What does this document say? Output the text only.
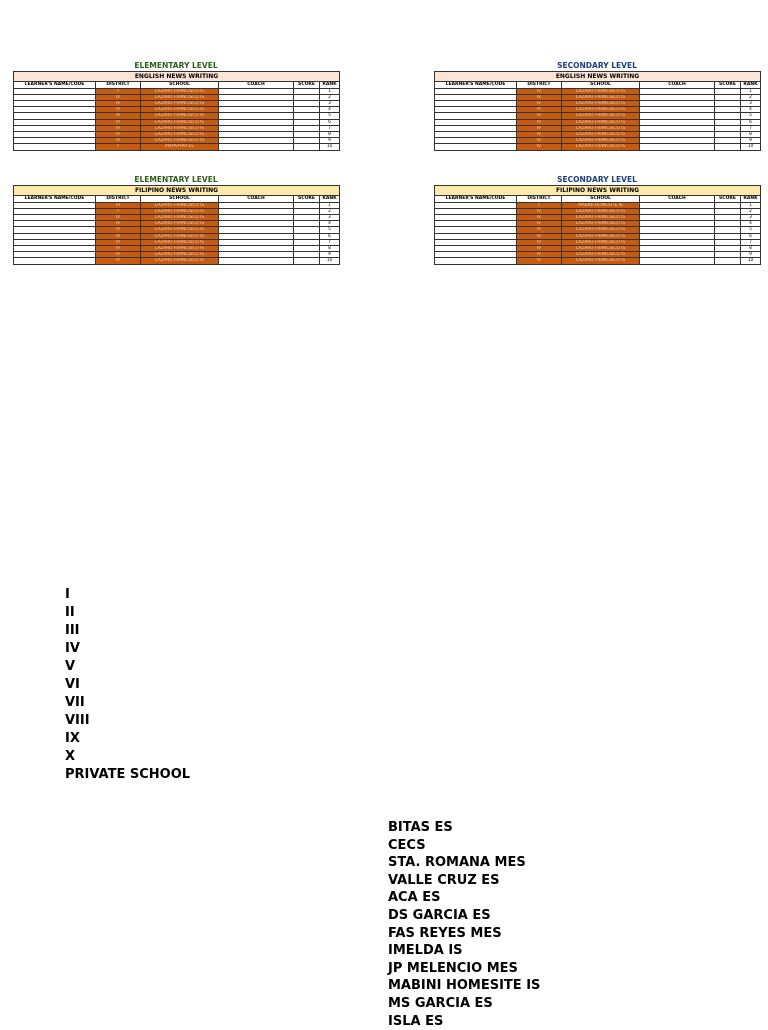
ELEMENTARY LEVEL
ENGLISH NEWS WRITING					
LEARNER'S NAME/CODE	DISTRICT	SCHOOL	COACH	SCORE	RANK
	I	LAZARO FRANCISCO IS			1
	IV	LAZARO FRANCISCO IS			2
	IV	LAZARO FRANCISCO IS			3
	IV	LAZARO FRANCISCO IS			4
	IV	LAZARO FRANCISCO IS			5
	IV	LAZARO FRANCISCO IS			6
	IV	LAZARO FRANCISCO IS			7
	IV	LAZARO FRANCISCO IS			8
	IV	LAZARO FRANCISCO IS			9
	I	MAYAPYAP ES			10
SECONDARY LEVEL
ENGLISH NEWS WRITING					
LEARNER'S NAME/CODE	DISTRICT	SCHOOL	COACH	SCORE	RANK
	IV	LAZARO FRANCISCO IS			1
	IV	LAZARO FRANCISCO IS			2
	IV	LAZARO FRANCISCO IS			3
	IV	LAZARO FRANCISCO IS			4
	IV	LAZARO FRANCISCO IS			5
	IV	LAZARO FRANCISCO IS			6
	IV	LAZARO FRANCISCO IS			7
	IV	LAZARO FRANCISCO IS			8
	IV	LAZARO FRANCISCO IS			9
	IV	LAZARO FRANCISCO IS			10
ELEMENTARY LEVEL
FILIPINO NEWS WRITING					
LEARNER'S NAME/CODE	DISTRICT	SCHOOL	COACH	SCORE	RANK
	IV	LAZARO FRANCISCO IS			1
	I	LAZARO FRANCISCO IS			2
	IV	LAZARO FRANCISCO IS			3
	IV	LAZARO FRANCISCO IS			4
	IV	LAZARO FRANCISCO IS			5
	IV	LAZARO FRANCISCO IS			6
	IV	LAZARO FRANCISCO IS			7
	IV	LAZARO FRANCISCO IS			8
	IV	LAZARO FRANCISCO IS			9
	IV	LAZARO FRANCISCO IS			10
SECONDARY LEVEL
FILIPINO NEWS WRITING					
LEARNER'S NAME/CODE	DISTRICT	SCHOOL	COACH	SCORE	RANK
	I	MABINI HOMESITE IS			1
	IV	LAZARO FRANCISCO IS			2
	IV	LAZARO FRANCISCO IS			3
	IV	LAZARO FRANCISCO IS			4
	IV	LAZARO FRANCISCO IS			5
	IV	LAZARO FRANCISCO IS			6
	IV	LAZARO FRANCISCO IS			7
	IV	LAZARO FRANCISCO IS			8
	IV	LAZARO FRANCISCO IS			9
	IV	LAZARO FRANCISCO IS			10
I
II
III
IV
V
VI
VII
VIII
IX
X
PRIVATE SCHOOL
BITAS ES
CECS
STA. ROMANA MES
VALLE CRUZ ES
ACA ES
DS GARCIA ES
FAS REYES MES
IMELDA IS
JP MELENCIO MES
MABINI HOMESITE IS
MS GARCIA ES
ISLA ES
